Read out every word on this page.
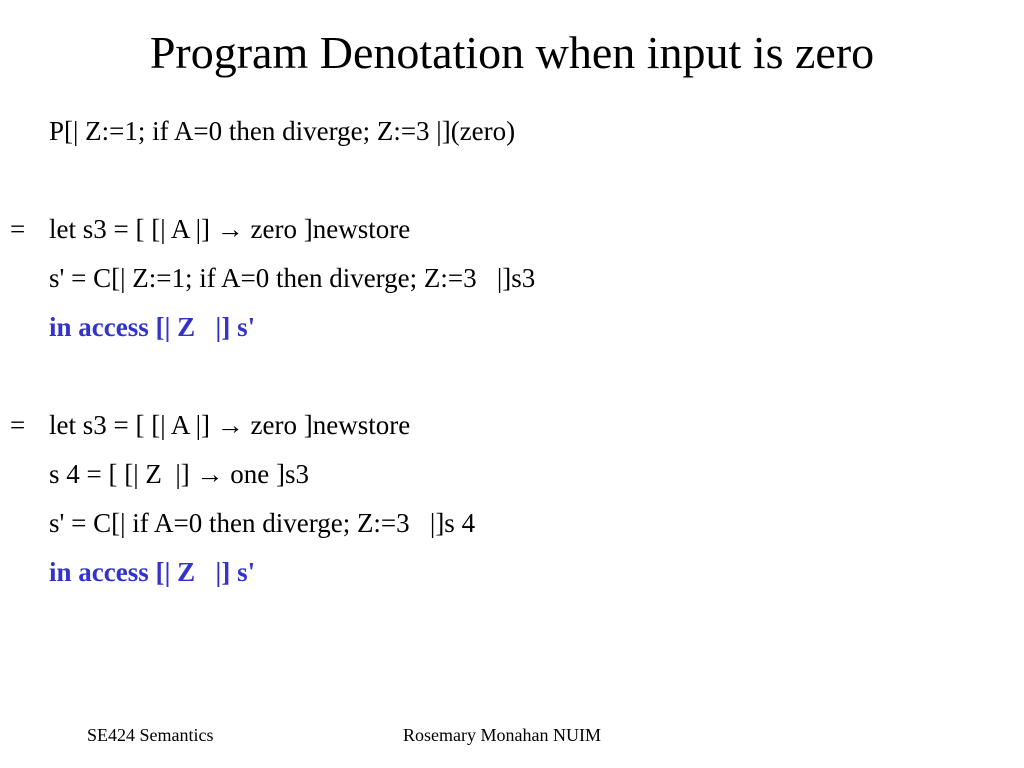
Program Denotation when input is zero
P[| Z:=1; if A=0 then diverge; Z:=3 |](zero)
= let s3 = [ [| A |] → zero ]newstore
s' = C[| Z:=1; if A=0 then diverge; Z:=3   |]s3
in access [| Z   |] s'
= let s3 = [ [| A |] → zero ]newstore
s 4 = [ [| Z  |] → one ]s3
s' = C[| if A=0 then diverge; Z:=3   |]s 4
in access [| Z   |] s'
SE424 Semantics	Rosemary Monahan NUIM
